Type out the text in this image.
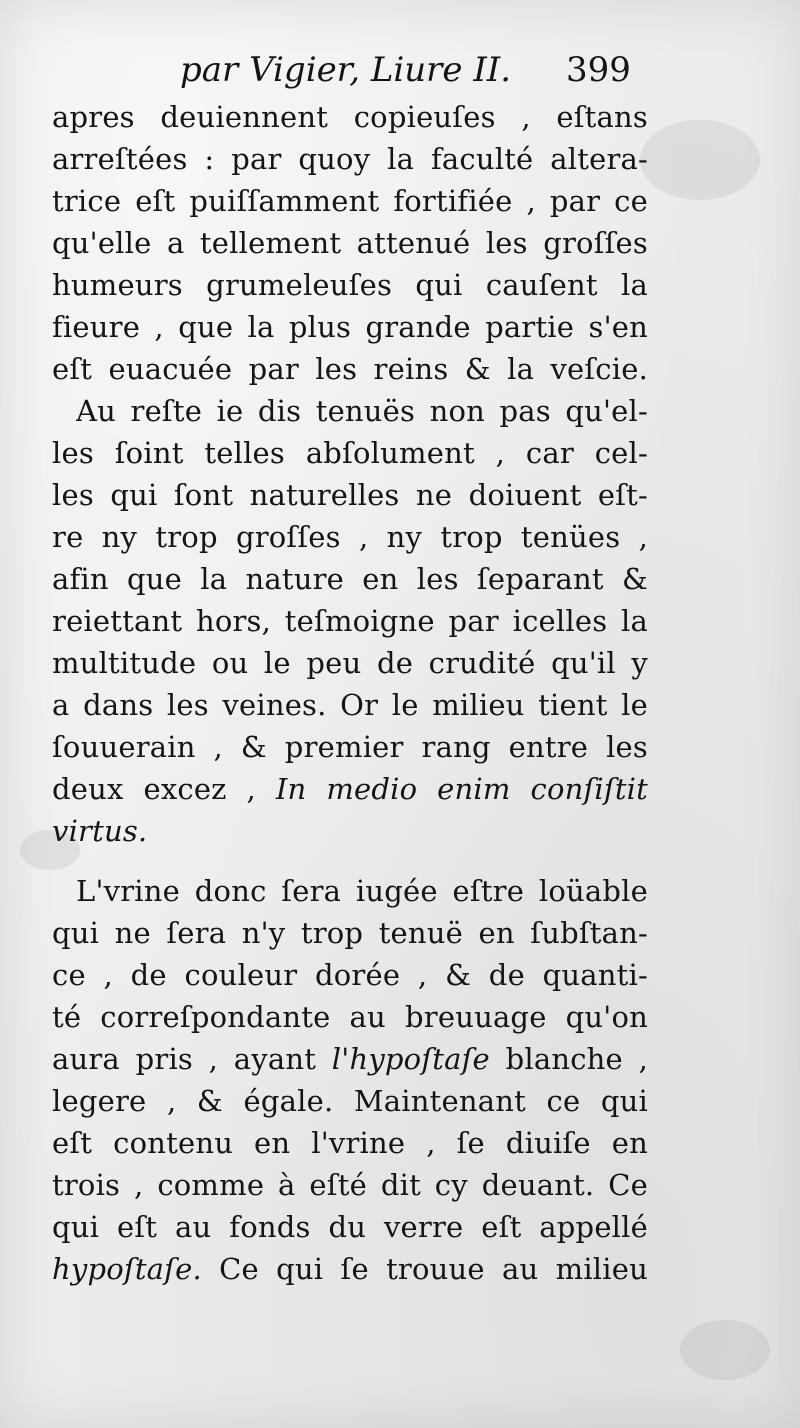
par Vigier, Liure II. 399
apres deuiennent copieuſes , eſtans
arreſtées : par quoy la faculté altera-
trice eſt puiſſamment fortifiée , par ce
qu'elle a tellement attenué les groſſes
humeurs grumeleuſes qui cauſent la
fieure , que la plus grande partie s'en
eſt euacuée par les reins & la veſcie.
Au reſte ie dis tenuës non pas qu'el-
les ſoint telles abſolument , car cel-
les qui ſont naturelles ne doiuent eſt-
re ny trop groſſes , ny trop tenües ,
afin que la nature en les ſeparant &
reiettant hors, teſmoigne par icelles la
multitude ou le peu de crudité qu'il y
a dans les veines. Or le milieu tient le
ſouuerain , & premier rang entre les
deux excez , In medio enim conſiſtit
virtus.
L'vrine donc ſera iugée eſtre loüable
qui ne ſera n'y trop tenuë en ſubſtan-
ce , de couleur dorée , & de quanti-
té correſpondante au breuuage qu'on
aura pris , ayant l'hypoſtaſe blanche ,
legere , & égale. Maintenant ce qui
eſt contenu en l'vrine , ſe diuiſe en
trois , comme à eſté dit cy deuant. Ce
qui eſt au fonds du verre eſt appellé
hypoſtaſe. Ce qui ſe trouue au milieu
